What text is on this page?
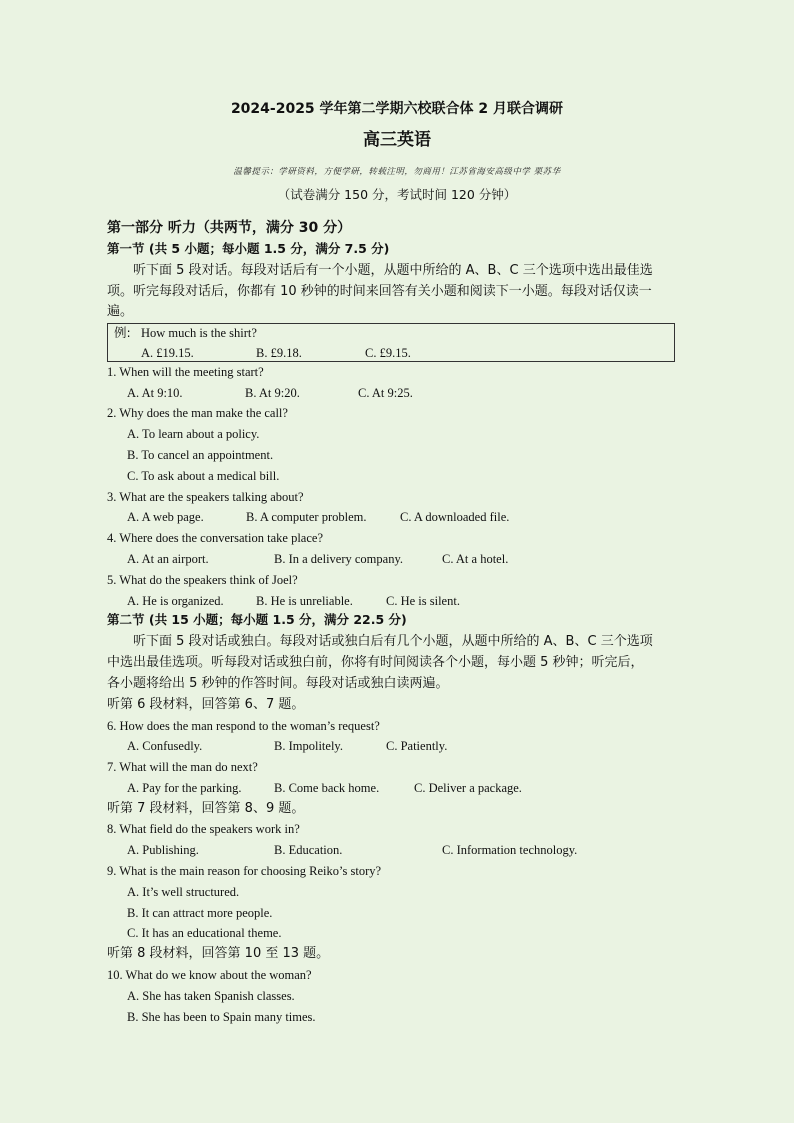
2024-2025 学年第二学期六校联合体 2 月联合调研
高三英语
温馨提示：学研资料，方便学研，转载注明，勿商用！江苏省海安高级中学 栗苏华
（试卷满分 150 分，考试时间 120 分钟）
第一部分 听力（共两节，满分 30 分）
第一节 (共 5 小题；每小题 1.5 分，满分 7.5 分)
听下面 5 段对话。每段对话后有一个小题，从题中所给的 A、B、C 三个选项中选出最佳选
项。听完每段对话后，你都有 10 秒钟的时间来回答有关小题和阅读下一小题。每段对话仅读一
遍。
例: How much is the shirt?
A. £19.15.	B. £9.18.	C. £9.15.
1. When will the meeting start?
A. At 9:10.	B. At 9:20.	C. At 9:25.
2. Why does the man make the call?
A. To learn about a policy.
B. To cancel an appointment.
C. To ask about a medical bill.
3. What are the speakers talking about?
A. A web page.	B. A computer problem.	C. A downloaded file.
4. Where does the conversation take place?
A. At an airport.	B. In a delivery company.	C. At a hotel.
5. What do the speakers think of Joel?
A. He is organized.	B. He is unreliable.	C. He is silent.
第二节 (共 15 小题；每小题 1.5 分，满分 22.5 分)
听下面 5 段对话或独白。每段对话或独白后有几个小题，从题中所给的 A、B、C 三个选项
中选出最佳选项。听每段对话或独白前，你将有时间阅读各个小题，每小题 5 秒钟；听完后，
各小题将给出 5 秒钟的作答时间。每段对话或独白读两遍。
听第 6 段材料，回答第 6、7 题。
6. How does the man respond to the woman’s request?
A. Confusedly.	B. Impolitely.	C. Patiently.
7. What will the man do next?
A. Pay for the parking.	B. Come back home.	C. Deliver a package.
听第 7 段材料，回答第 8、9 题。
8. What field do the speakers work in?
A. Publishing.	B. Education.	C. Information technology.
9. What is the main reason for choosing Reiko’s story?
A. It’s well structured.
B. It can attract more people.
C. It has an educational theme.
听第 8 段材料，回答第 10 至 13 题。
10. What do we know about the woman?
A. She has taken Spanish classes.
B. She has been to Spain many times.
